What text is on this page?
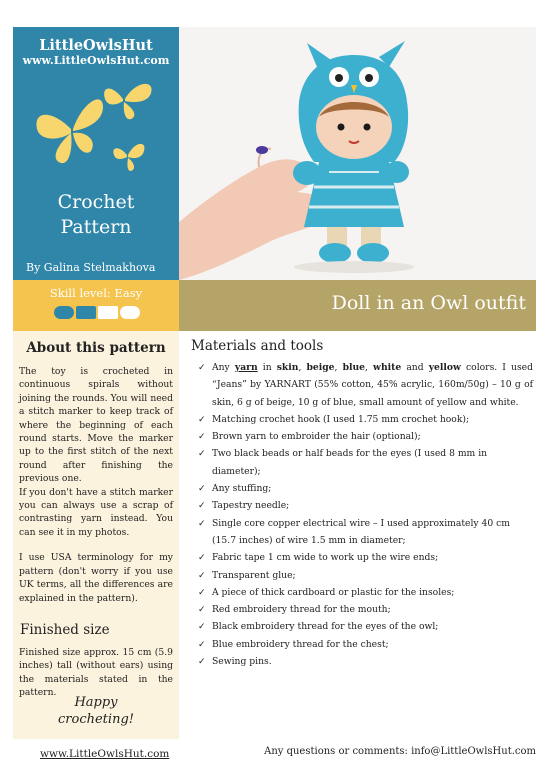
LittleOwlsHut
www.LittleOwlsHut.com
Crochet
Pattern
By Galina Stelmakhova
Skill level: Easy	Doll in an Owl outfit
About this pattern

The toy is crocheted in continuous spirals without joining the rounds. You will need a stitch marker to keep track of where the beginning of each round starts. Move the marker up to the first stitch of the next round after finishing the previous one.

If you don't have a stitch marker you can always use a scrap of contrasting yarn instead. You can see it in my photos.

I use USA terminology for my pattern (don't worry if you use UK terms, all the differences are explained in the pattern).

Finished size
Finished size approx. 15 cm (5.9 inches) tall (without ears) using the materials stated in the pattern.
Happy
crocheting!
Materials and tools
✓ Any yarn in skin, beige, blue, white and yellow colors. I used “Jeans” by YARNART (55% cotton, 45% acrylic, 160m/50g) – 10 g of skin, 6 g of beige, 10 g of blue, small amount of yellow and white.
✓ Matching crochet hook (I used 1.75 mm crochet hook);
✓ Brown yarn to embroider the hair (optional);
✓ Two black beads or half beads for the eyes (I used 8 mm in diameter);
✓ Any stuffing;
✓ Tapestry needle;
✓ Single core copper electrical wire – I used approximately 40 cm (15.7 inches) of wire 1.5 mm in diameter;
✓ Fabric tape 1 cm wide to work up the wire ends;
✓ Transparent glue;
✓ A piece of thick cardboard or plastic for the insoles;
✓ Red embroidery thread for the mouth;
✓ Black embroidery thread for the eyes of the owl;
✓ Blue embroidery thread for the chest;
✓ Sewing pins.
www.LittleOwlsHut.com	Any questions or comments: info@LittleOwlsHut.com
